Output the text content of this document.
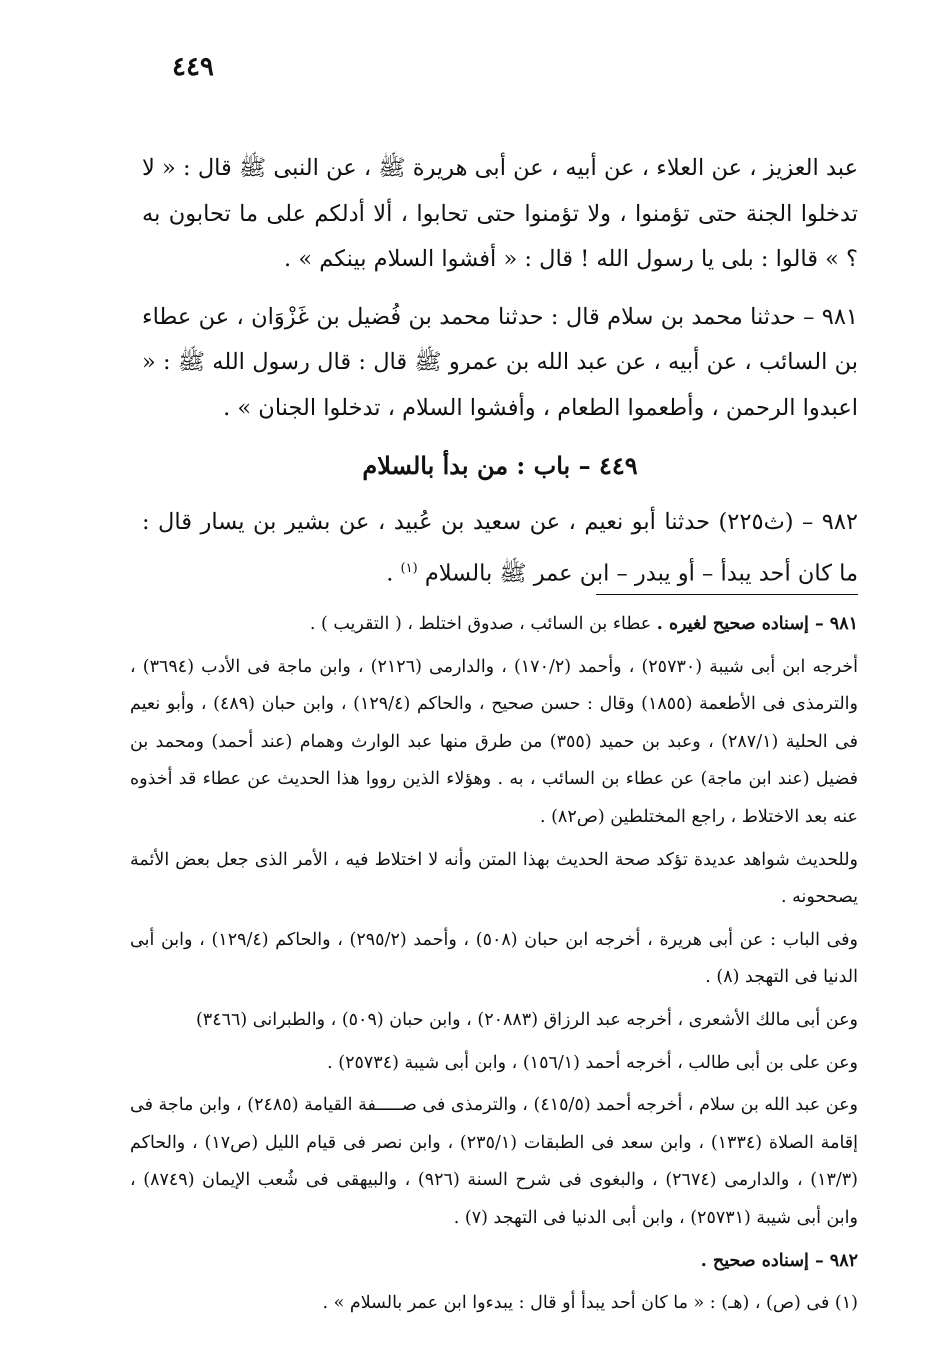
٤٤٩

عبد العزيز ، عن العلاء ، عن أبيه ، عن أبى هريرة ﷺ ، عن النبى ﷺ قال : « لا تدخلوا الجنة حتى تؤمنوا ، ولا تؤمنوا حتى تحابوا ، ألا أدلكم على ما تحابون به ؟ » قالوا : بلى يا رسول الله ! قال : « أفشوا السلام بينكم » .

٩٨١ – حدثنا محمد بن سلام قال : حدثنا محمد بن فُضيل بن غَزْوَان ، عن عطاء بن السائب ، عن أبيه ، عن عبد الله بن عمرو ﷺ قال : قال رسول الله ﷺ : « اعبدوا الرحمن ، وأطعموا الطعام ، وأفشوا السلام ، تدخلوا الجنان » .

٤٤٩ – باب : من بدأ بالسلام

٩٨٢ – (ث٢٢٥) حدثنا أبو نعيم ، عن سعيد بن عُبيد ، عن بشير بن يسار قال : ما كان أحد يبدأ – أو يبدر – ابن عمر ﷺ بالسلام $^{(١)}$ .

٩٨١ – إسناده صحيح لغيره . عطاء بن السائب ، صدوق اختلط ، ( التقريب ) .

أخرجه ابن أبى شيبة (٢٥٧٣٠) ، وأحمد (١٧٠/٢) ، والدارمى (٢١٢٦) ، وابن ماجة فى الأدب (٣٦٩٤) ، والترمذى فى الأطعمة (١٨٥٥) وقال : حسن صحيح ، والحاكم (١٢٩/٤) ، وابن حبان (٤٨٩) ، وأبو نعيم فى الحلية (٢٨٧/١) ، وعبد بن حميد (٣٥٥) من طرق منها عبد الوارث وهمام (عند أحمد) ومحمد بن فضيل (عند ابن ماجة) عن عطاء بن السائب ، به . وهؤلاء الذين رووا هذا الحديث عن عطاء قد أخذوه عنه بعد الاختلاط ، راجع المختلطين (ص٨٢) .

وللحديث شواهد عديدة تؤكد صحة الحديث بهذا المتن وأنه لا اختلاط فيه ، الأمر الذى جعل بعض الأئمة يصححونه .

وفى الباب : عن أبى هريرة ، أخرجه ابن حبان (٥٠٨) ، وأحمد (٢٩٥/٢) ، والحاكم (١٢٩/٤) ، وابن أبى الدنيا فى التهجد (٨) .

وعن أبى مالك الأشعرى ، أخرجه عبد الرزاق (٢٠٨٨٣) ، وابن حبان (٥٠٩) ، والطبرانى (٣٤٦٦)

وعن على بن أبى طالب ، أخرجه أحمد (١٥٦/١) ، وابن أبى شيبة (٢٥٧٣٤) .

وعن عبد الله بن سلام ، أخرجه أحمد (٤١٥/٥) ، والترمذى فى صـــــفة القيامة (٢٤٨٥) ، وابن ماجة فى إقامة الصلاة (١٣٣٤) ، وابن سعد فى الطبقات (٢٣٥/١) ، وابن نصر فى قيام الليل (ص١٧) ، والحاكم (١٣/٣) ، والدارمى (٢٦٧٤) ، والبغوى فى شرح السنة (٩٢٦) ، والبيهقى فى شُعب الإيمان (٨٧٤٩) ، وابن أبى شيبة (٢٥٧٣١) ، وابن أبى الدنيا فى التهجد (٧) .

٩٨٢ – إسناده صحيح .

(١) فى (ص) ، (هـ) : « ما كان أحد يبدأ أو قال : يبدءوا ابن عمر بالسلام » .
